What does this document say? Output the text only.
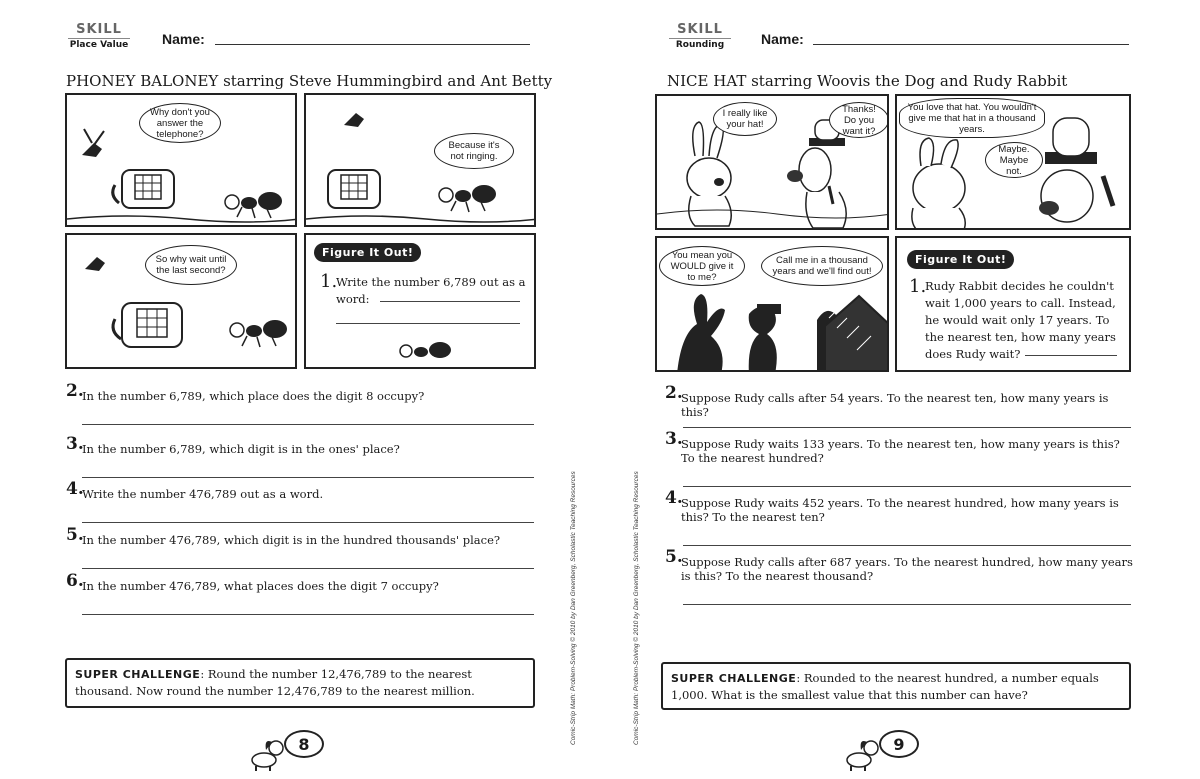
SKILL
Place Value Name:
PHONEY BALONEY starring Steve Hummingbird and Ant Betty
Why don't you answer the telephone?
Because it's not ringing.
So why wait until the last second?
Figure It Out!
1.
Write the number 6,789 out as a word:
2.
In the number 6,789, which place does the digit 8 occupy?
3.
In the number 6,789, which digit is in the ones' place?
4.
Write the number 476,789 out as a word.
5.
In the number 476,789, which digit is in the hundred thousands' place?
6.
In the number 476,789, what places does the digit 7 occupy?
SUPER CHALLENGE: Round the number 12,476,789 to the nearest thousand. Now round the number 12,476,789 to the nearest million.
8
SKILL
Rounding	Name:
NICE HAT starring Woovis the Dog and Rudy Rabbit
I really like your hat!
Thanks! Do you want it?
You love that hat. You wouldn't give me that hat in a thousand years.
Maybe. Maybe not.
You mean you WOULD give it to me?
Call me in a thousand years and we'll find out!
Figure It Out!
1.
Rudy Rabbit decides he couldn't wait 1,000 years to call. Instead, he would wait only 17 years. To the nearest ten, how many years does Rudy wait?
2.
Suppose Rudy calls after 54 years. To the nearest ten, how many years is this?
3.
Suppose Rudy waits 133 years. To the nearest ten, how many years is this? To the nearest hundred?
4.
Suppose Rudy waits 452 years. To the nearest hundred, how many years is this? To the nearest ten?
5.
Suppose Rudy calls after 687 years. To the nearest hundred, how many years is this? To the nearest thousand?
SUPER CHALLENGE: Rounded to the nearest hundred, a number equals 1,000. What is the smallest value that this number can have?
9
Comic-Strip Math: Problem-Solving © 2010 by Dan Greenberg, Scholastic Teaching Resources	Comic-Strip Math: Problem-Solving © 2010 by Dan Greenberg, Scholastic Teaching Resources
